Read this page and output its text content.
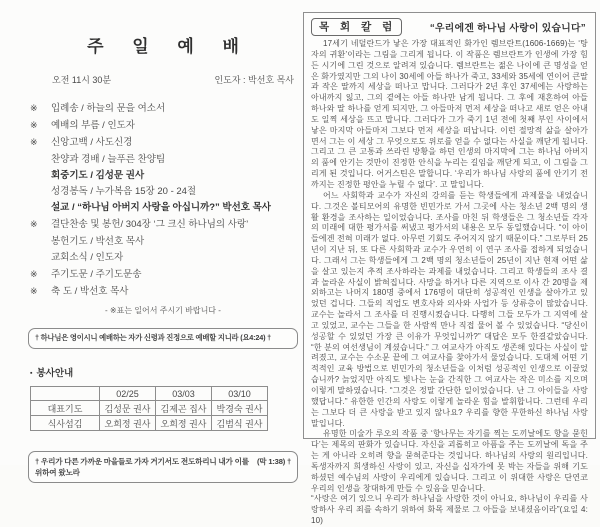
주 일 예 배
오전 11시 30분	인도자 : 박선호 목사
※	입례송 / 하늘의 문을 여소서
※	예배의 부름 / 인도자
※	신앙고백 / 사도신경
찬양과 경배 / 늘푸른 찬양팀
회중기도 / 김성문 권사
성경봉독 / 누가복음 15장 20 - 24절
설교 / “하나님 아버지 사랑을 아십니까?” 박선호 목사
※	결단찬송 및 봉헌/ 304장 ‘그 크신 하나님의 사랑’
봉헌기도 / 박선호 목사
교회소식 / 인도자
※	주기도문 / 주기도문송
※	축 도 / 박선호 목사
- ※표는 일어서 주시기 바랍니다 -
† 하나님은 영이시니 예배하는 자가 신령과 진정으로 예배할 지니라 (요4:24) †
▪ 봉사안내
	02/25	03/03	03/10
대표기도	김성문 권사	김제곤 집사	박경숙 권사
식사섬김	오희정 권사	오희정 권사	김범식 권사
(막 1:38) †
† 우리가 다른 가까운 마을들로 가자 거기서도 전도하리니 내가 이를 위하여 왔노라
목 회 칼 럼	“우리에겐 하나님 사랑이 있습니다”

17세기 네덜란드가 낳은 가장 대표적인 화가인 렘브란트(1606-1669)는 ‘탕자의 귀환’이라는 그림을 그리게 됩니다. 이 작품은 렘브란트가 인생에 가장 힘든 시기에 그린 것으로 알려져 있습니다. 렘브란트는 젊은 나이에 큰 명성을 얻은 화가였지만 그의 나이 30세에 아들 하나가 죽고, 33세와 35세에 연이어 큰딸과 작은 딸까지 세상을 떠나고 맙니다. 그러다가 2년 후인 37세에는 사랑하는 아내까지 잃고, 그의 곁에는 아들 하나만 남게 됩니다. 그 후에 재혼하여 아들 하나와 딸 하나를 얻게 되지만, 그 아들마저 먼저 세상을 떠나고 새로 얻은 아내도 일찍 세상을 뜨고 맙니다. 그러다가 그가 죽기 1년 전에 첫째 부인 사이에서 낳은 마지막 아들마저 그보다 먼저 세상을 떠납니다. 이런 절망적 삶을 살아가면서 그는 이 세상 그 무엇으로도 위로를 얻을 수 없다는 사실을 깨닫게 됩니다. 그리고 그 큰 고통과 쓰라린 방황을 하던 인생의 마지막에 그는 하나님 아버지의 품에 안기는 것만이 진정한 안식을 누리는 길임을 깨닫게 되고, 이 그림을 그리게 된 것입니다. 어거스틴은 말합니다. ‘우리가 하나님 사랑의 품에 안기기 전까지는 진정한 평안을 누릴 수 없다’. 고 말입니다.

어느 사회학과 교수가 자신의 강의를 듣는 학생들에게 과제물을 내었습니다. 그것은 볼티모어의 유명한 빈민가로 가서 그곳에 사는 청소년 2백 명의 생활 환경을 조사하는 일이었습니다. 조사를 마친 뒤 학생들은 그 청소년들 각자의 미래에 대한 평가서를 써냈고 평가서의 내용은 모두 동일했습니다. “이 아이들에겐 전혀 미래가 없다. 아무런 기회도 주어지지 않기 때문이다.” 그로부터 25년이 지난 뒤, 또 다른 사회학과 교수가 우연히 이 연구 조사를 접하게 되었습니다. 그래서 그는 학생들에게 그 2백 명의 청소년들이 25년이 지난 현재 어떤 삶을 살고 있는지 추적 조사하라는 과제를 내었습니다. 그리고 학생들의 조사 결과 놀라운 사실이 밝혀집니다. 사망을 하거나 다른 지역으로 이사 간 20명을 제외하고는 나머지 180명 중에서 176명이 대단히 성공적인 인생을 살아가고 있었던 겁니다. 그들의 직업도 변호사와 의사와 사업가 등 상류층이 많았습니다. 교수는 놀라서 그 조사를 더 진행시켰습니다. 다행히 그들 모두가 그 지역에 살고 있었고, 교수는 그들을 한 사람씩 만나 직접 물어 볼 수 있었습니다. “당신이 성공할 수 있었던 가장 큰 이유가 무엇입니까?” 대답은 모두 한결같았습니다. “한 분의 여선생님이 계셨습니다.” 그 여교사가 아직도 생존해 있다는 사실이 알려졌고, 교수는 수소문 끝에 그 여교사를 찾아가서 물었습니다. 도대체 어떤 기적적인 교육 방법으로 빈민가의 청소년들을 이처럼 성공적인 인생으로 이끌었습니까? 늙었지만 아직도 빛나는 눈을 간직한 그 여교사는 작은 미소를 지으며 이렇게 말하였습니다. “그것은 정말 간단한 일이었습니다. 난 그 아이들을 사랑했답니다.” 유한한 인간의 사랑도 이렇게 놀라운 힘을 발휘합니다. 그런데 우리는 그보다 더 큰 사랑을 받고 있지 않나요? 우리를 향한 무한하신 하나님 사랑 말입니다.

유명한 미술가 루오의 작품 중 ‘향나무는 자기를 찍는 도끼날에도 향을 묻힌다’는 제목의 판화가 있습니다. 자신을 괴롭히고 아픔을 주는 도끼날에 독을 주는 게 아니라 오히려 향을 묻혀준다는 것입니다. 하나님의 사랑의 원리입니다. 독생자까지 희생하신 사랑이 있고, 자신을 십자가에 못 박는 자들을 위해 기도하셨던 예수님의 사랑이 우리에게 있습니다. 그리고 이 위대한 사랑은 단연코 우리의 인생을 창대하게 만들 수 있음을 믿습니다.

“사랑은 여기 있으니 우리가 하나님을 사랑한 것이 아니요, 하나님이 우리를 사랑하사 우리 죄를 속하기 위하여 화목 제물로 그 아들을 보내셨음이라”(요일 4:10)
